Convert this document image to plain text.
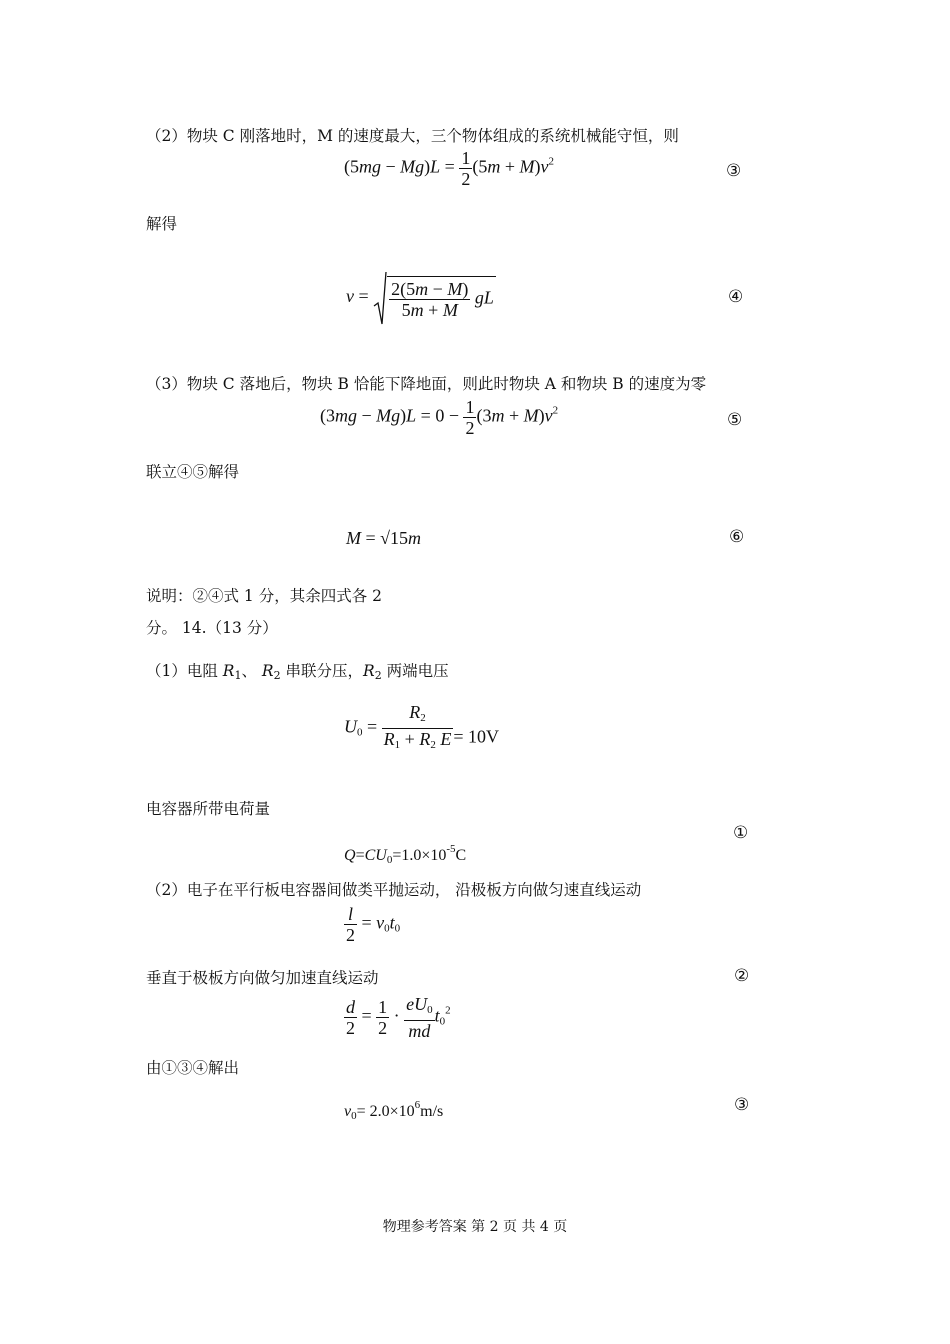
（2）物块 C 刚落地时，M 的速度最大，三个物体组成的系统机械能守恒，则
$(5mg - Mg)L = \frac{1}{2} (5m + M)v^2$	③
解得
$v = \frac{2(5m - M)}{5m + M}$ gL	④
（3）物块 C 落地后，物块 B 恰能下降地面，则此时物块 A 和物块 B 的速度为零
$(3mg - Mg)L = 0 - \frac{1}{2} (3m + M)v^2$	⑤
联立④⑤解得
M = √15m	⑥
说明：②④式 1 分，其余四式各 2
分。 14.（13 分）
（1）电阻 $R_1$、 $R_2$ 串联分压，$R_2$ 两端电压
$U_0 = \frac{R_2}{R_1 + R_2 E} = 10V$
电容器所带电荷量
$Q=CU_0=1.0\times 10^{-5}C$
①
（2）电子在平行板电容器间做类平抛运动， 沿极板方向做匀速直线运动
$\frac{l}{2} = v_0t_0$
垂直于极板方向做匀加速直线运动	②
$\frac{d}{2} = \frac{1}{2} \cdot \frac{eU_0}{md} t_0^2$
由①③④解出
$v_0= 2.0\times 10^6m/s$	③
物理参考答案 第 2 页 共 4 页
